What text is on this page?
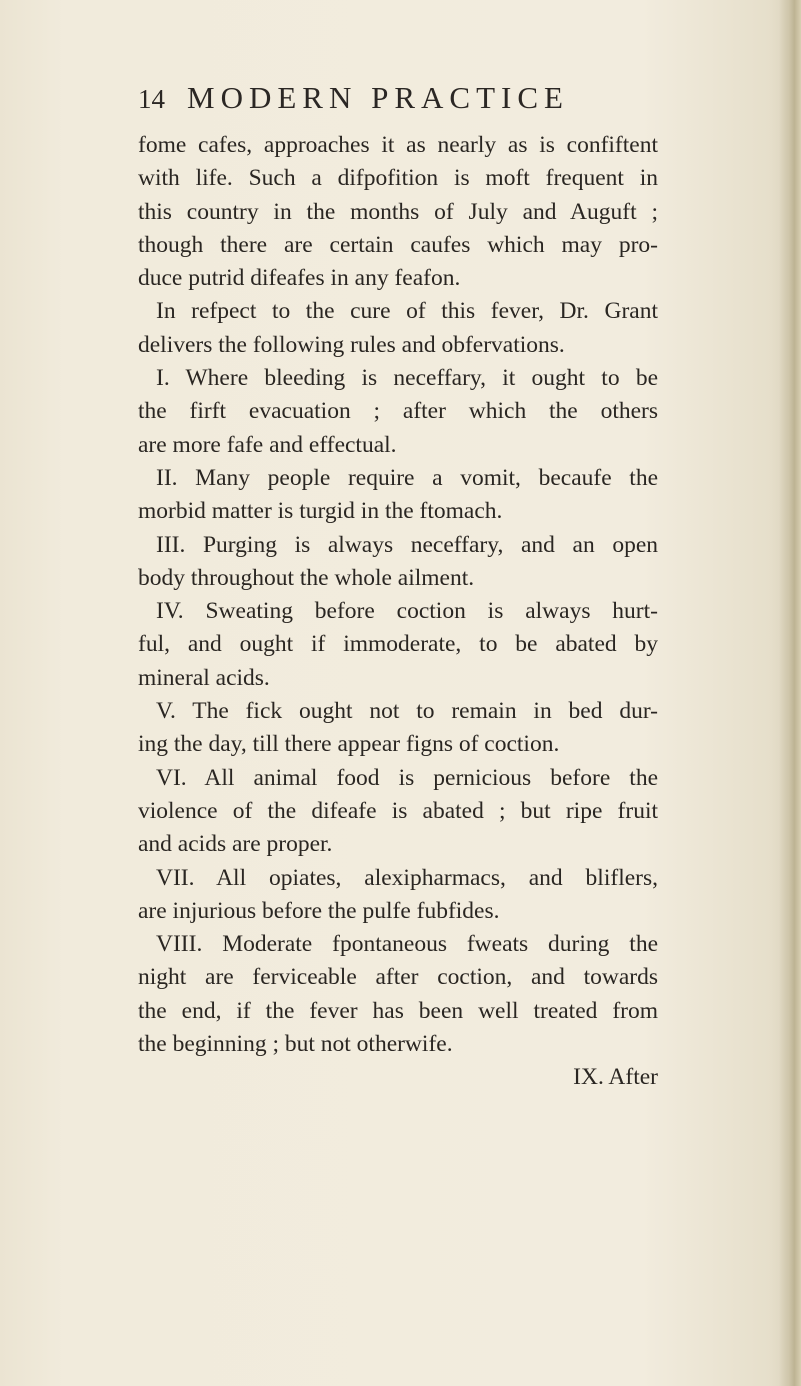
14 MODERN PRACTICE
fome cafes, approaches it as nearly as is confiftent
with life. Such a difpofition is moft frequent in
this country in the months of July and Auguft ;
though there are certain caufes which may pro-
duce putrid difeafes in any feafon.
In refpect to the cure of this fever, Dr. Grant
delivers the following rules and obfervations.
I. Where bleeding is neceffary, it ought to be
the firft evacuation ; after which the others
are more fafe and effectual.
II. Many people require a vomit, becaufe the
morbid matter is turgid in the ftomach.
III. Purging is always neceffary, and an open
body throughout the whole ailment.
IV. Sweating before coction is always hurt-
ful, and ought if immoderate, to be abated by
mineral acids.
V. The fick ought not to remain in bed dur-
ing the day, till there appear figns of coction.
VI. All animal food is pernicious before the
violence of the difeafe is abated ; but ripe fruit
and acids are proper.
VII. All opiates, alexipharmacs, and bliflers,
are injurious before the pulfe fubfides.
VIII. Moderate fpontaneous fweats during the
night are ferviceable after coction, and towards
the end, if the fever has been well treated from
the beginning ; but not otherwife.
IX. After
